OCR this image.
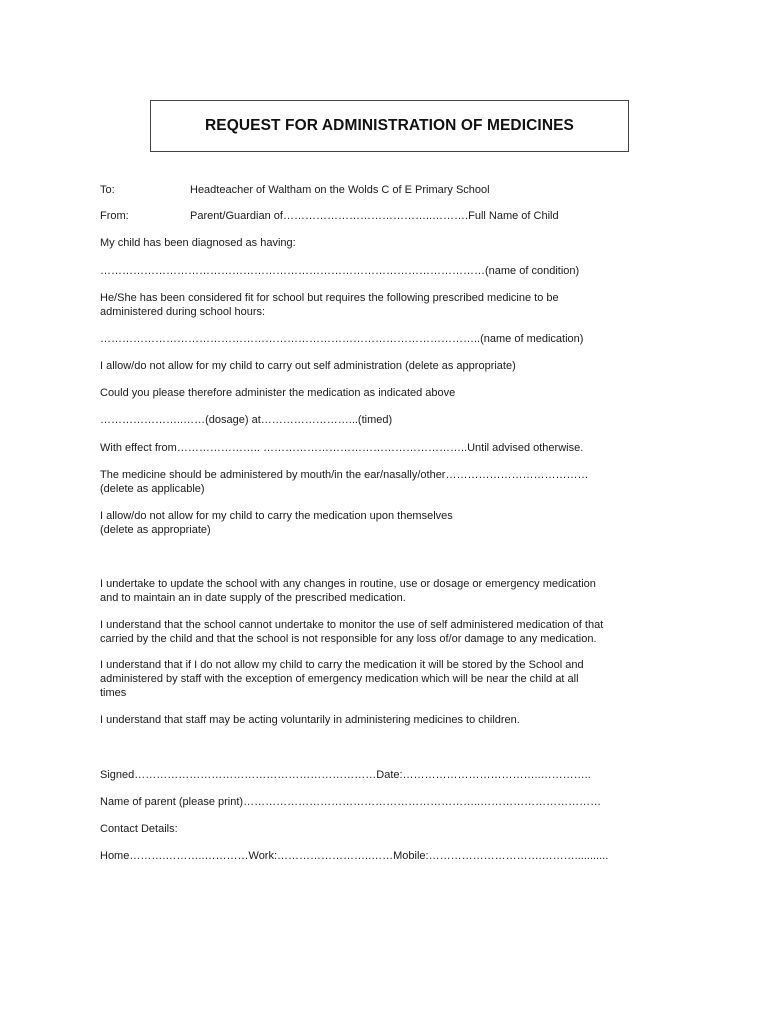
REQUEST FOR ADMINISTRATION OF MEDICINES
To:	Headteacher of Waltham on the Wolds C of E Primary School
From:	Parent/Guardian of…………………………………..……….Full Name of Child
My child has been diagnosed as having:
……………………………………………………………………………………………(name of condition)
He/She has been considered fit for school but requires the following prescribed medicine to be
administered during school hours:
…………………………………………………………………………………………..(name of medication)
I allow/do not allow for my child to carry out self administration (delete as appropriate)
Could you please therefore administer the medication as indicated above
…………………..……(dosage) at……………………...(timed)
With effect from………………….. ………………………………………………..Until advised otherwise.
The medicine should be administered by mouth/in the ear/nasally/other…………………………………
(delete as applicable)
I allow/do not allow for my child to carry the medication upon themselves
(delete as appropriate)
I undertake to update the school with any changes in routine, use or dosage or emergency medication
and to maintain an in date supply of the prescribed medication.
I understand that the school cannot undertake to monitor the use of self administered medication of that
carried by the child and that the school is not responsible for any loss of/or damage to any medication.
I understand that if I do not allow my child to carry the medication it will be stored by the School and
administered by staff with the exception of emergency medication which will be near the child at all
times
I understand that staff may be acting voluntarily in administering medicines to children.
Signed…………………………………………………………Date:………………………………..…………..
Name of parent (please print)………………………………………………………..……………………………
Contact Details:
Home……….………..…………Work:……………………..……Mobile:………………………….………...........
